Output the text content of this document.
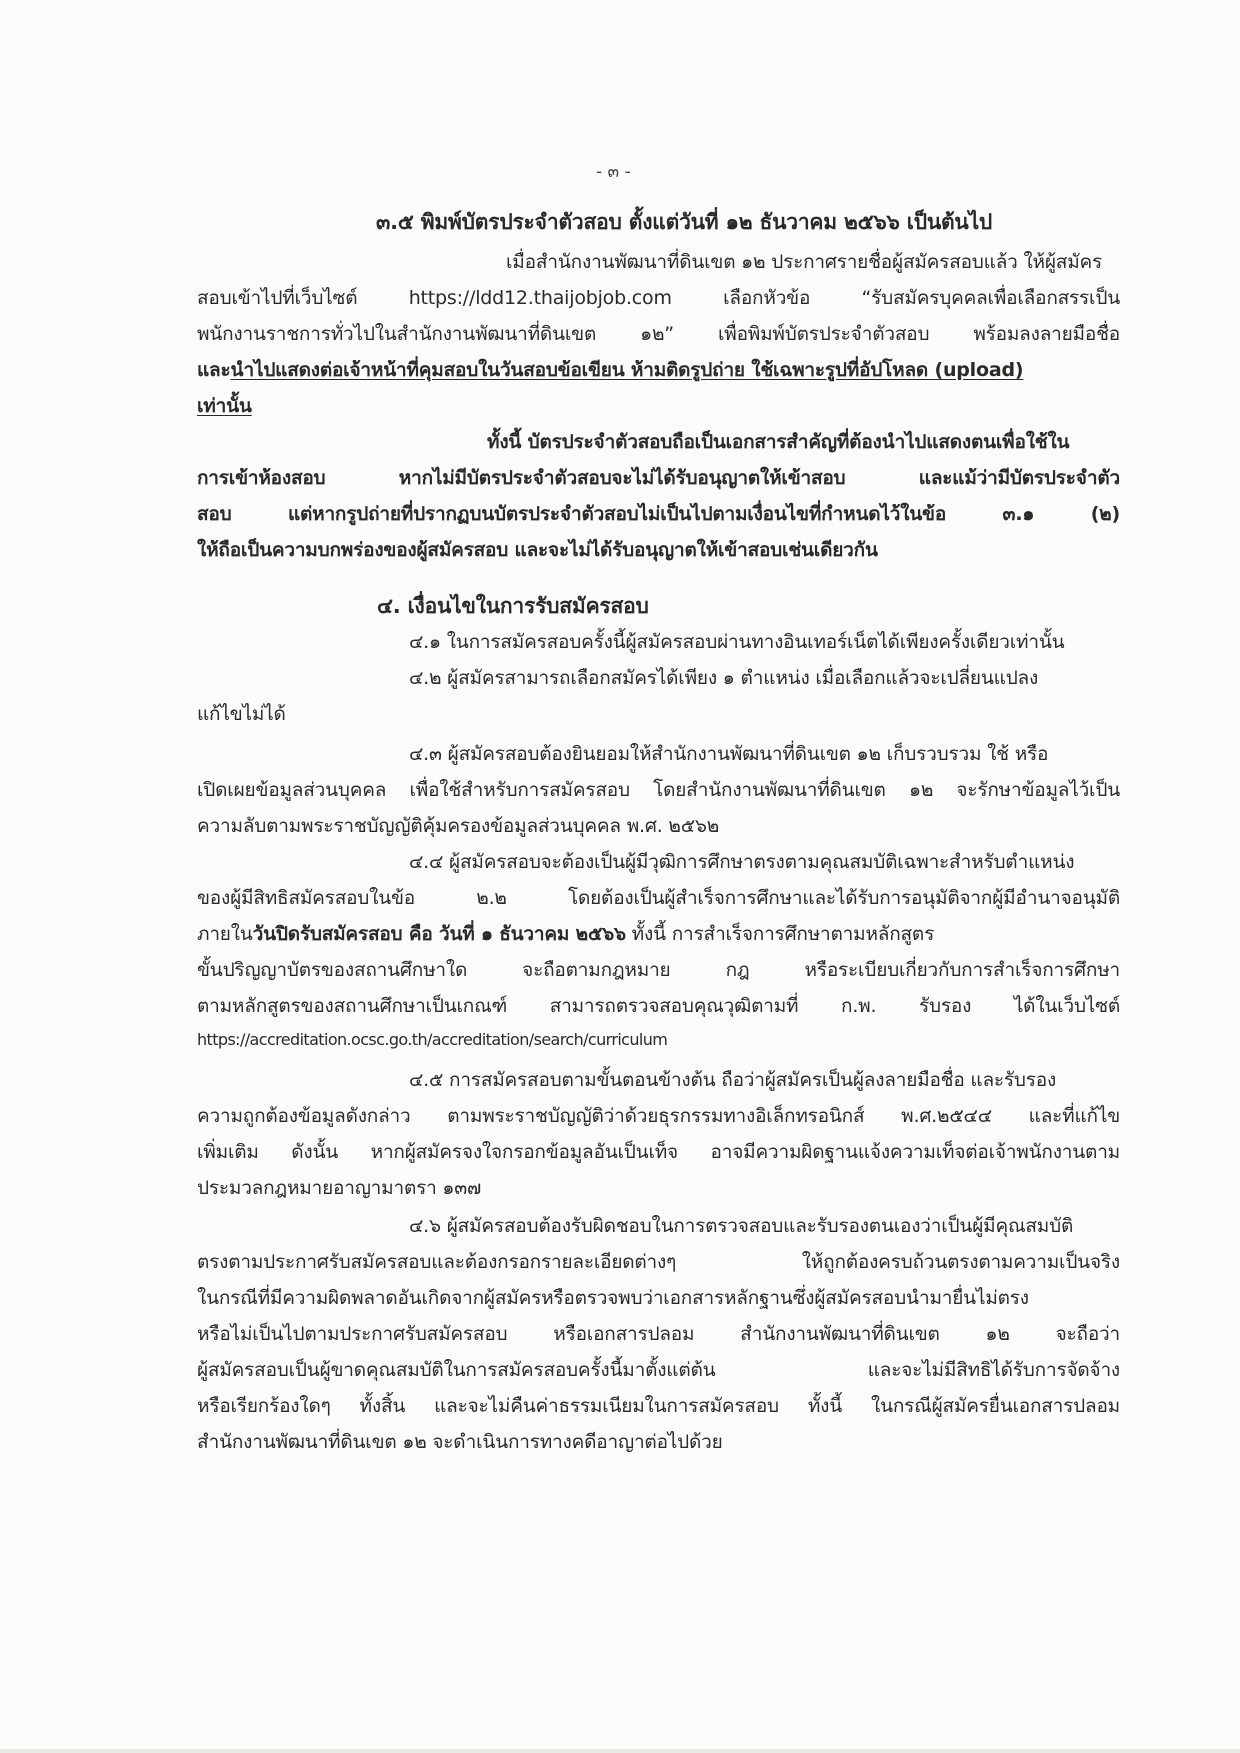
- ๓ -
๓.๕ พิมพ์บัตรประจำตัวสอบ ตั้งแต่วันที่ ๑๒ ธันวาคม ๒๕๖๖ เป็นต้นไป
เมื่อสำนักงานพัฒนาที่ดินเขต ๑๒ ประกาศรายชื่อผู้สมัครสอบแล้ว ให้ผู้สมัคร
สอบเข้าไปที่เว็บไซต์ https://ldd12.thaijobjob.com เลือกหัวข้อ “รับสมัครบุคคลเพื่อเลือกสรรเป็น
พนักงานราชการทั่วไปในสำนักงานพัฒนาที่ดินเขต ๑๒” เพื่อพิมพ์บัตรประจำตัวสอบ พร้อมลงลายมือชื่อ
และนำไปแสดงต่อเจ้าหน้าที่คุมสอบในวันสอบข้อเขียน ห้ามติดรูปถ่าย ใช้เฉพาะรูปที่อัปโหลด (upload)
เท่านั้น
ทั้งนี้ บัตรประจำตัวสอบถือเป็นเอกสารสำคัญที่ต้องนำไปแสดงตนเพื่อใช้ใน
การเข้าห้องสอบ หากไม่มีบัตรประจำตัวสอบจะไม่ได้รับอนุญาตให้เข้าสอบ และแม้ว่ามีบัตรประจำตัว
สอบ แต่หากรูปถ่ายที่ปรากฏบนบัตรประจำตัวสอบไม่เป็นไปตามเงื่อนไขที่กำหนดไว้ในข้อ ๓.๑ (๒)
ให้ถือเป็นความบกพร่องของผู้สมัครสอบ และจะไม่ได้รับอนุญาตให้เข้าสอบเช่นเดียวกัน
๔. เงื่อนไขในการรับสมัครสอบ
๔.๑ ในการสมัครสอบครั้งนี้ผู้สมัครสอบผ่านทางอินเทอร์เน็ตได้เพียงครั้งเดียวเท่านั้น
๔.๒ ผู้สมัครสามารถเลือกสมัครได้เพียง ๑ ตำแหน่ง เมื่อเลือกแล้วจะเปลี่ยนแปลง
แก้ไขไม่ได้
๔.๓ ผู้สมัครสอบต้องยินยอมให้สำนักงานพัฒนาที่ดินเขต ๑๒ เก็บรวบรวม ใช้ หรือ
เปิดเผยข้อมูลส่วนบุคคล เพื่อใช้สำหรับการสมัครสอบ โดยสำนักงานพัฒนาที่ดินเขต ๑๒ จะรักษาข้อมูลไว้เป็น
ความลับตามพระราชบัญญัติคุ้มครองข้อมูลส่วนบุคคล พ.ศ. ๒๕๖๒
๔.๔ ผู้สมัครสอบจะต้องเป็นผู้มีวุฒิการศึกษาตรงตามคุณสมบัติเฉพาะสำหรับตำแหน่ง
ของผู้มีสิทธิสมัครสอบในข้อ ๒.๒ โดยต้องเป็นผู้สำเร็จการศึกษาและได้รับการอนุมัติจากผู้มีอำนาจอนุมัติ
ภายในวันปิดรับสมัครสอบ คือ วันที่ ๑ ธันวาคม ๒๕๖๖ ทั้งนี้ การสำเร็จการศึกษาตามหลักสูตร
ขั้นปริญญาบัตรของสถานศึกษาใด จะถือตามกฎหมาย กฎ หรือระเบียบเกี่ยวกับการสำเร็จการศึกษา
ตามหลักสูตรของสถานศึกษาเป็นเกณฑ์ สามารถตรวจสอบคุณวุฒิตามที่ ก.พ. รับรอง ได้ในเว็บไซต์
https://accreditation.ocsc.go.th/accreditation/search/curriculum
๔.๕ การสมัครสอบตามขั้นตอนข้างต้น ถือว่าผู้สมัครเป็นผู้ลงลายมือชื่อ และรับรอง
ความถูกต้องข้อมูลดังกล่าว ตามพระราชบัญญัติว่าด้วยธุรกรรมทางอิเล็กทรอนิกส์ พ.ศ.๒๕๔๔ และที่แก้ไข
เพิ่มเติม ดังนั้น หากผู้สมัครจงใจกรอกข้อมูลอันเป็นเท็จ อาจมีความผิดฐานแจ้งความเท็จต่อเจ้าพนักงานตาม
ประมวลกฎหมายอาญามาตรา ๑๓๗
๔.๖ ผู้สมัครสอบต้องรับผิดชอบในการตรวจสอบและรับรองตนเองว่าเป็นผู้มีคุณสมบัติ
ตรงตามประกาศรับสมัครสอบและต้องกรอกรายละเอียดต่างๆ ให้ถูกต้องครบถ้วนตรงตามความเป็นจริง
ในกรณีที่มีความผิดพลาดอันเกิดจากผู้สมัครหรือตรวจพบว่าเอกสารหลักฐานซึ่งผู้สมัครสอบนำมายื่นไม่ตรง
หรือไม่เป็นไปตามประกาศรับสมัครสอบ หรือเอกสารปลอม สำนักงานพัฒนาที่ดินเขต ๑๒ จะถือว่า
ผู้สมัครสอบเป็นผู้ขาดคุณสมบัติในการสมัครสอบครั้งนี้มาตั้งแต่ต้น และจะไม่มีสิทธิได้รับการจัดจ้าง
หรือเรียกร้องใดๆ ทั้งสิ้น และจะไม่คืนค่าธรรมเนียมในการสมัครสอบ ทั้งนี้ ในกรณีผู้สมัครยื่นเอกสารปลอม
สำนักงานพัฒนาที่ดินเขต ๑๒ จะดำเนินการทางคดีอาญาต่อไปด้วย
